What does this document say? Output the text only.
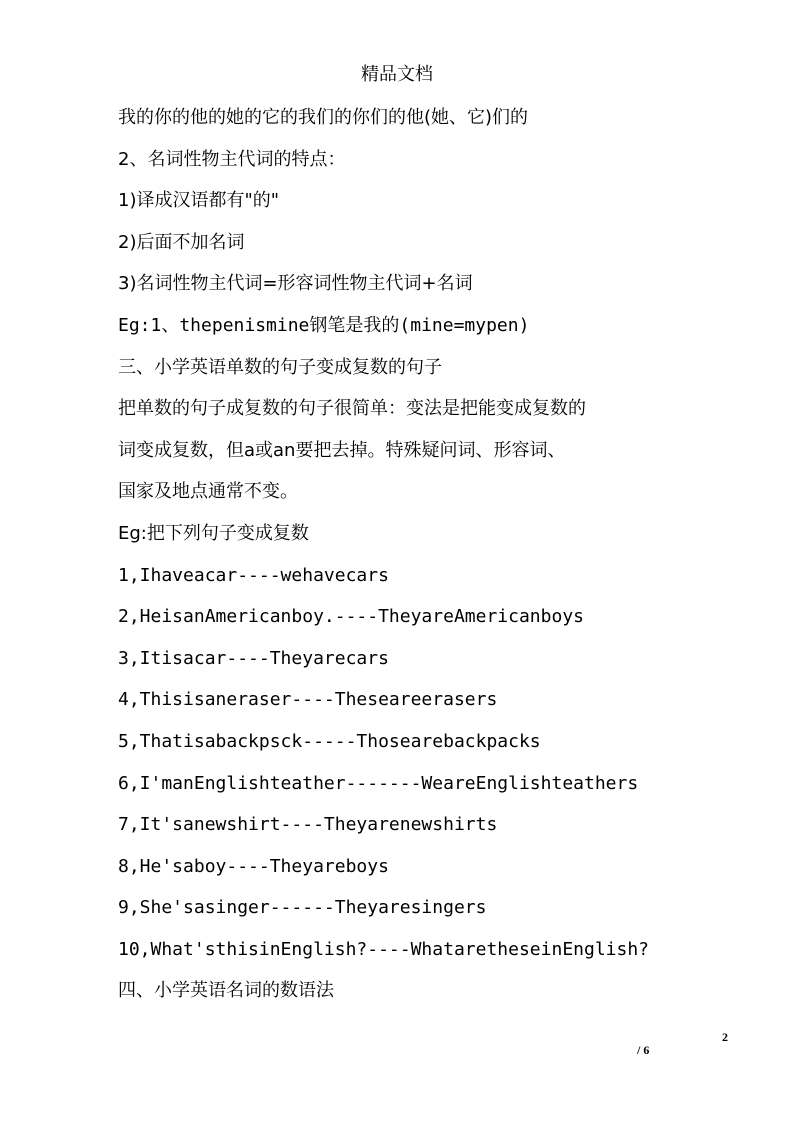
精品文档
我的你的他的她的它的我们的你们的他(她、它)们的
2、名词性物主代词的特点：
1)译成汉语都有"的"
2)后面不加名词
3)名词性物主代词=形容词性物主代词+名词
Eg:1、thepenismine钢笔是我的(mine=mypen)
三、小学英语单数的句子变成复数的句子
把单数的句子成复数的句子很简单：变法是把能变成复数的
词变成复数，但a或an要把去掉。特殊疑问词、形容词、
国家及地点通常不变。
Eg:把下列句子变成复数
1,Ihaveacar----wehavecars
2,HeisanAmericanboy.----TheyareAmericanboys
3,Itisacar----Theyarecars
4,Thisisaneraser----Theseareerasers
5,Thatisabackpsck-----Thosearebackpacks
6,I'manEnglishteather-------WeareEnglishteathers
7,It'sanewshirt----Theyarenewshirts
8,He'saboy----Theyareboys
9,She'sasinger------Theyaresingers
10,What'sthisinEnglish?----WhataretheseinEnglish?
四、小学英语名词的数语法
2
/ 6
